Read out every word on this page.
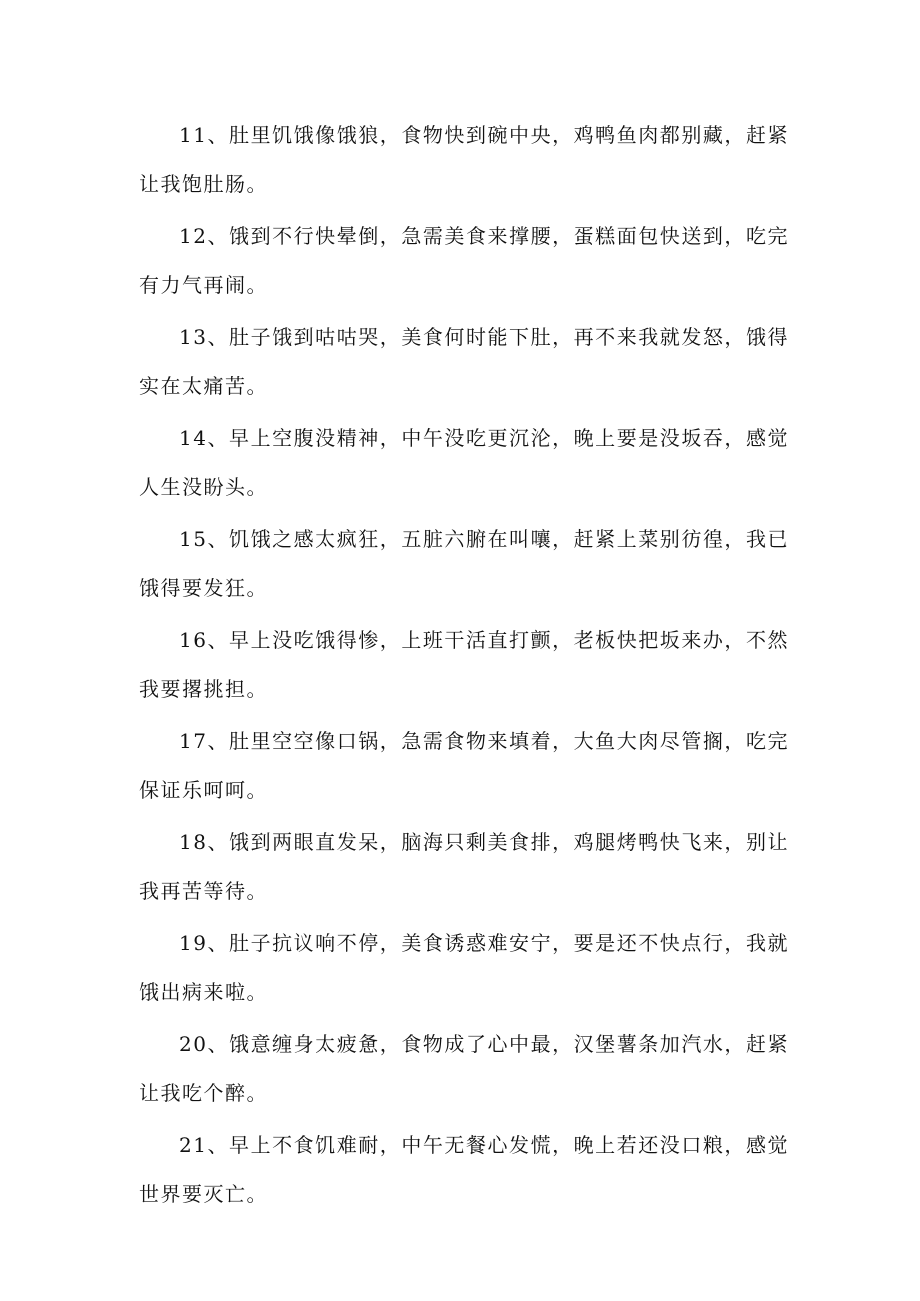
11、肚里饥饿像饿狼，食物快到碗中央，鸡鸭鱼肉都别藏，赶紧让我饱肚肠。

12、饿到不行快晕倒，急需美食来撑腰，蛋糕面包快送到，吃完有力气再闹。

13、肚子饿到咕咕哭，美食何时能下肚，再不来我就发怒，饿得实在太痛苦。

14、早上空腹没精神，中午没吃更沉沦，晚上要是没坂吞，感觉人生没盼头。

15、饥饿之感太疯狂，五脏六腑在叫嚷，赶紧上菜别彷徨，我已饿得要发狂。

16、早上没吃饿得惨，上班干活直打颤，老板快把坂来办，不然我要撂挑担。

17、肚里空空像口锅，急需食物来填着，大鱼大肉尽管搁，吃完保证乐呵呵。

18、饿到两眼直发呆，脑海只剩美食排，鸡腿烤鸭快飞来，别让我再苦等待。

19、肚子抗议响不停，美食诱惑难安宁，要是还不快点行，我就饿出病来啦。

20、饿意缠身太疲惫，食物成了心中最，汉堡薯条加汽水，赶紧让我吃个醉。

21、早上不食饥难耐，中午无餐心发慌，晚上若还没口粮，感觉世界要灭亡。
